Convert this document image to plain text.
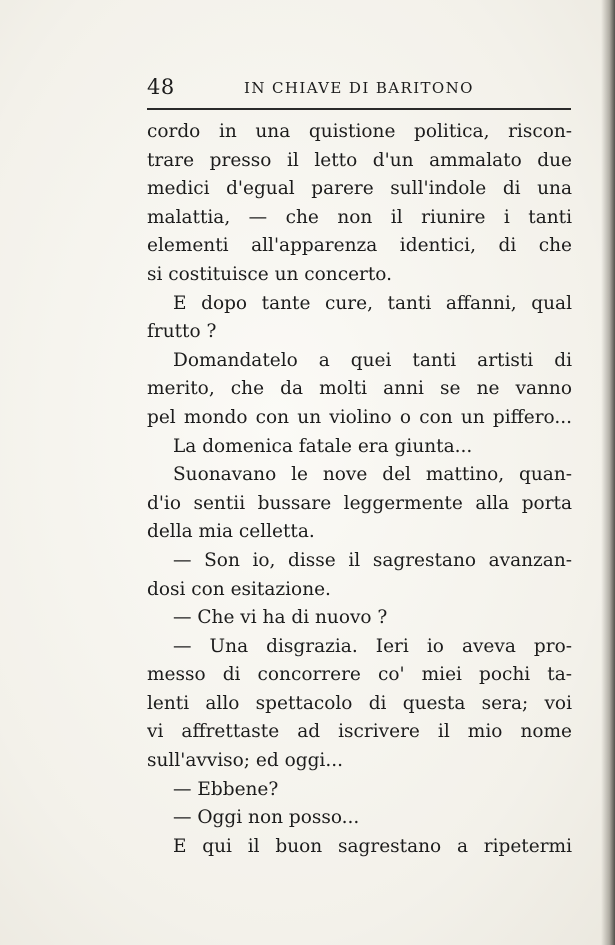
48	IN CHIAVE DI BARITONO
cordo in una quistione politica, riscon-
trare presso il letto d'un ammalato due
medici d'egual parere sull'indole di una
malattia, — che non il riunire i tanti
elementi all'apparenza identici, di che
si costituisce un concerto.
E dopo tante cure, tanti affanni, qual
frutto ?
Domandatelo a quei tanti artisti di
merito, che da molti anni se ne vanno
pel mondo con un violino o con un piffero...
La domenica fatale era giunta...
Suonavano le nove del mattino, quan-
d'io sentii bussare leggermente alla porta
della mia celletta.
— Son io, disse il sagrestano avanzan-
dosi con esitazione.
— Che vi ha di nuovo ?
— Una disgrazia. Ieri io aveva pro-
messo di concorrere co' miei pochi ta-
lenti allo spettacolo di questa sera; voi
vi affrettaste ad iscrivere il mio nome
sull'avviso; ed oggi...
— Ebbene?
— Oggi non posso...
E qui il buon sagrestano a ripetermi
